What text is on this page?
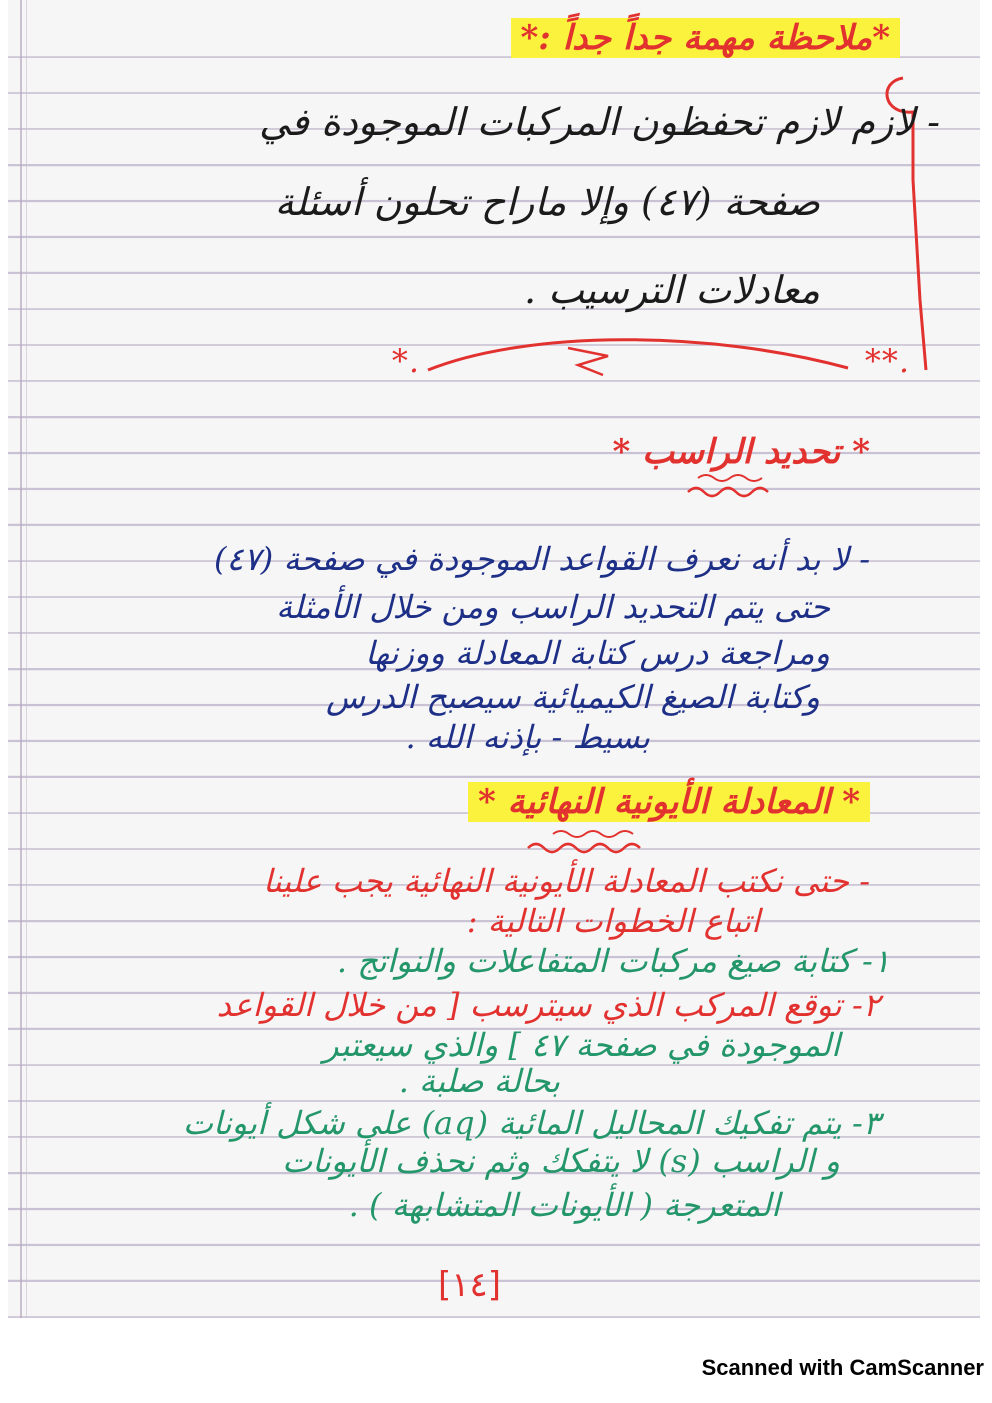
*ملاحظة مهمة جداً جداً :*
- لازم لازم تحفظون المركبات الموجودة في
صفحة (٤٧) وإلا ماراح تحلون أسئلة
معادلات الترسيب .
.*	.**
* تحديد الراسب *
- لا بد أنه نعرف القواعد الموجودة في صفحة (٤٧)
حتى يتم التحديد الراسب ومن خلال الأمثلة
ومراجعة درس كتابة المعادلة ووزنها
وكتابة الصيغ الكيميائية سيصبح الدرس
بسيط - بإذنه الله .
* المعادلة الأيونية النهائية *
- حتى نكتب المعادلة الأيونية النهائية يجب علينا
اتباع الخطوات التالية :
١- كتابة صيغ مركبات المتفاعلات والنواتج .
٢- توقع المركب الذي سيترسب [ من خلال القواعد
الموجودة في صفحة ٤٧ ] والذي سيعتبر
بحالة صلبة .
٣- يتم تفكيك المحاليل المائية (aq) على شكل أيونات
و الراسب (s) لا يتفكك وثم نحذف الأيونات
المتعرجة ( الأيونات المتشابهة ) .
[١٤]
Scanned with CamScanner
